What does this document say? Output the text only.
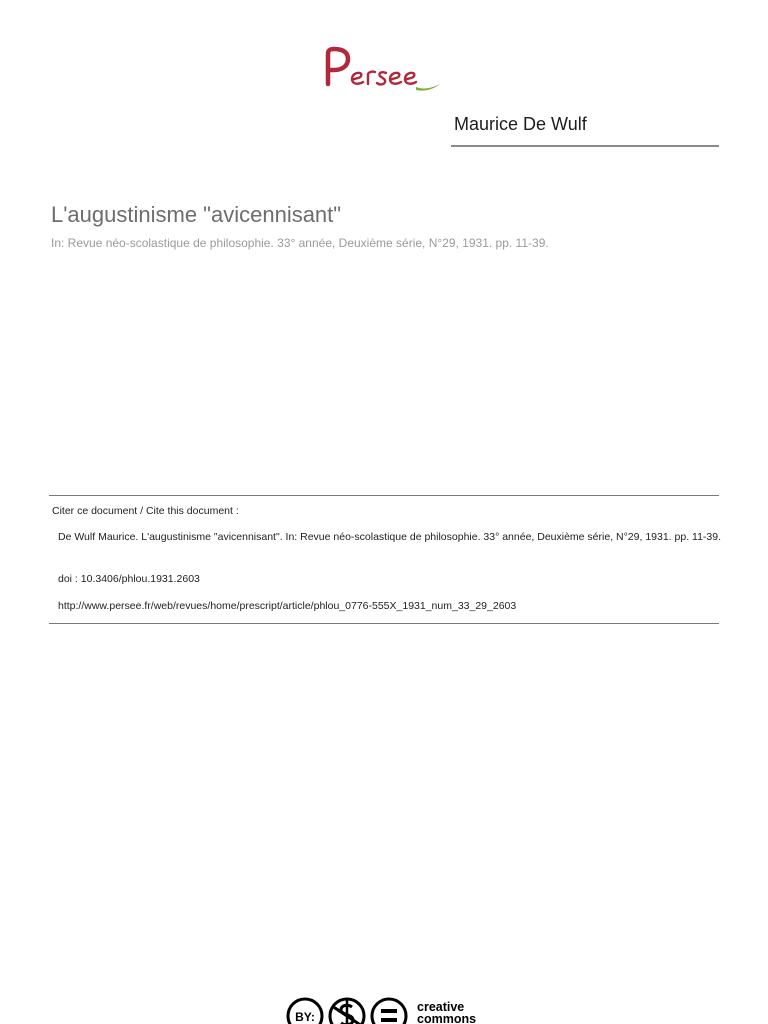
Maurice De Wulf
L'augustinisme "avicennisant"
In: Revue néo-scolastique de philosophie. 33° année, Deuxième série, N°29, 1931. pp. 11-39.
Citer ce document / Cite this document :
De Wulf Maurice. L'augustinisme "avicennisant". In: Revue néo-scolastique de philosophie. 33° année, Deuxième série, N°29, 1931. pp. 11-39.
doi : 10.3406/phlou.1931.2603
http://www.persee.fr/web/revues/home/prescript/article/phlou_0776-555X_1931_num_33_29_2603
BY:
creative
commons
